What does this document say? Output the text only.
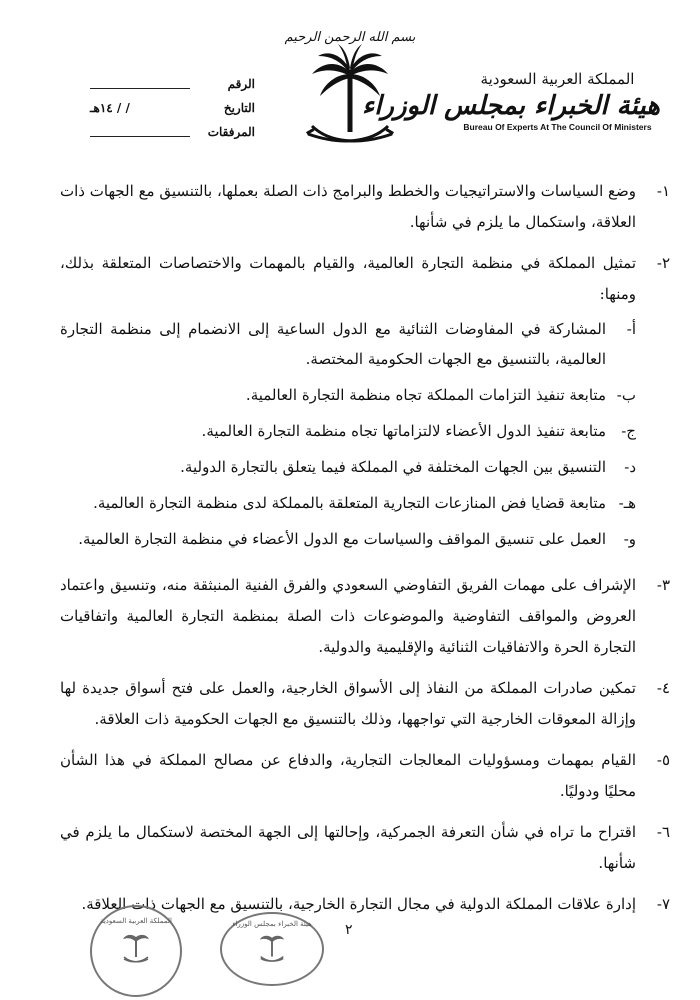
الرقم
التاريخ
/ / ١٤هـ
المرفقات
بسم الله الرحمن الرحيم
المملكة العربية السعودية
هيئة الخبراء بمجلس الوزراء
Bureau Of Experts At The Council Of Ministers
١-
وضع السياسات والاستراتيجيات والخطط والبرامج ذات الصلة بعملها، بالتنسيق مع الجهات ذات العلاقة، واستكمال ما يلزم في شأنها.
٢-
تمثيل المملكة في منظمة التجارة العالمية، والقيام بالمهمات والاختصاصات المتعلقة بذلك، ومنها:
أ-
المشاركة في المفاوضات الثنائية مع الدول الساعية إلى الانضمام إلى منظمة التجارة العالمية، بالتنسيق مع الجهات الحكومية المختصة.
ب-
متابعة تنفيذ التزامات المملكة تجاه منظمة التجارة العالمية.
ج-
متابعة تنفيذ الدول الأعضاء لالتزاماتها تجاه منظمة التجارة العالمية.
د-
التنسيق بين الجهات المختلفة في المملكة فيما يتعلق بالتجارة الدولية.
هـ-
متابعة قضايا فض المنازعات التجارية المتعلقة بالمملكة لدى منظمة التجارة العالمية.
و-
العمل على تنسيق المواقف والسياسات مع الدول الأعضاء في منظمة التجارة العالمية.
٣-
الإشراف على مهمات الفريق التفاوضي السعودي والفرق الفنية المنبثقة منه، وتنسيق واعتماد العروض والمواقف التفاوضية والموضوعات ذات الصلة بمنظمة التجارة العالمية واتفاقيات التجارة الحرة والاتفاقيات الثنائية والإقليمية والدولية.
٤-
تمكين صادرات المملكة من النفاذ إلى الأسواق الخارجية، والعمل على فتح أسواق جديدة لها وإزالة المعوقات الخارجية التي تواجهها، وذلك بالتنسيق مع الجهات الحكومية ذات العلاقة.
٥-
القيام بمهمات ومسؤوليات المعالجات التجارية، والدفاع عن مصالح المملكة في هذا الشأن محليًا ودوليًا.
٦-
اقتراح ما تراه في شأن التعرفة الجمركية، وإحالتها إلى الجهة المختصة لاستكمال ما يلزم في شأنها.
٧-
إدارة علاقات المملكة الدولية في مجال التجارة الخارجية، بالتنسيق مع الجهات ذات العلاقة.
المملكة العربية السعودية	هيئة الخبراء بمجلس الوزراء	٢
